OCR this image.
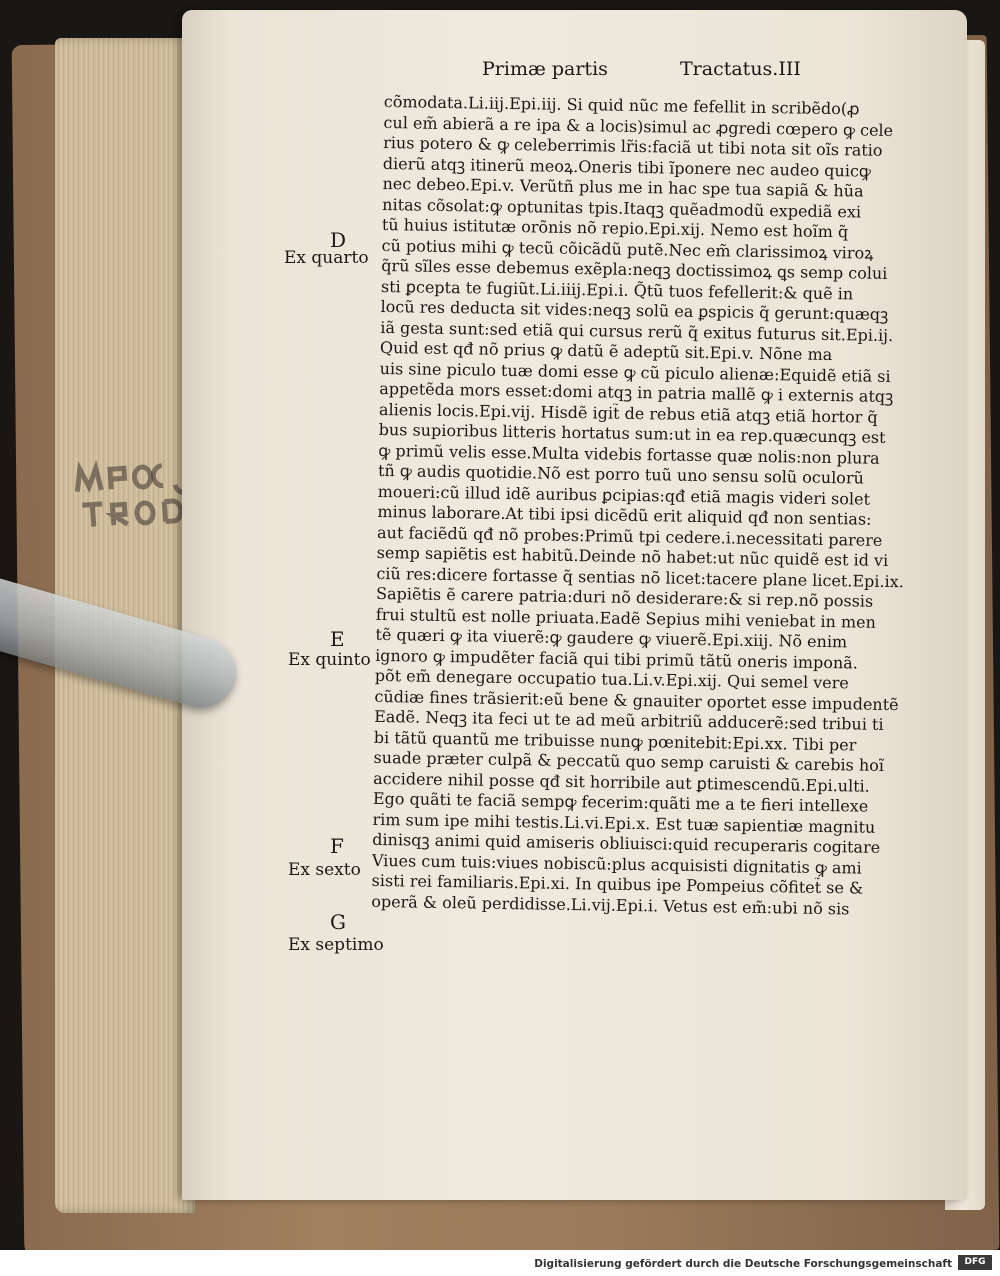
Primæ partis	Tractatus.III
D
Ex quarto
E
Ex quinto
F
Ex sexto
G
Ex septimo
cõmodata.Li.iij.Epi.iij. Si quid nũc me fefellit in scribẽdo(ꝓ
cul em̃ abierã a re ipa & a locis)simul ac ꝓgredi cœpero ꝙ cele
rius potero & ꝙ celeberrimis lr̃is:faciã ut tibi nota sit oĩs ratio
dierũ atqꝫ itinerũ meoꝝ.Oneris tibi ĩponere nec audeo quicꝙ
nec debeo.Epi.v. Verũtñ plus me in hac spe tua sapiã & hũa
nitas cõsolat:ꝙ optunitas tpis.Itaqꝫ quẽadmodũ expediã exi
tũ huius istitutæ orõnis nõ repio.Epi.xij. Nemo est hoĩm q̃
cũ potius mihi ꝙ tecũ cõicãdũ putẽ.Nec em̃ clarissimoꝝ viroꝝ
q̃rũ sĩles esse debemus exẽpla:neqꝫ doctissimoꝝ ꝗs semp colui
sti ꝑcepta te fugiũt.Li.iiij.Epi.i. Q̃tũ tuos fefellerit:& quẽ in
locũ res deducta sit vides:neqꝫ solũ ea ꝑspicis q̃ gerunt:quæqꝫ
iã gesta sunt:sed etiã qui cursus rerũ q̃ exitus futurus sit.Epi.ij.
Quid est qđ nõ prius ꝙ datũ ẽ adeptũ sit.Epi.v. Nõne ma
uis sine piculo tuæ domi esse ꝙ cũ piculo alienæ:Equidẽ etiã si
appetẽda mors esset:domi atqꝫ in patria mallẽ ꝙ i externis atqꝫ
alienis locis.Epi.vij. Hisdẽ igit̃ de rebus etiã atqꝫ etiã hortor q̃
bus supioribus litteris hortatus sum:ut in ea rep.quæcunqꝫ est
ꝙ primũ velis esse.Multa videbis fortasse quæ nolis:non plura
tñ ꝙ audis quotidie.Nõ est porro tuũ uno sensu solũ oculorũ
moueri:cũ illud idẽ auribus ꝑcipias:qđ etiã magis videri solet
minus laborare.At tibi ipsi dicẽdũ erit aliquid qđ non sentias:
aut faciẽdũ qđ nõ probes:Primũ tpi cedere.i.necessitati parere
semp sapiẽtis est habitũ.Deinde nõ habet:ut nũc quidẽ est id vi
ciũ res:dicere fortasse q̃ sentias nõ licet:tacere plane licet.Epi.ix.
Sapiẽtis ẽ carere patria:duri nõ desiderare:& si rep.nõ possis
frui stultũ est nolle priuata.Eadẽ Sepius mihi veniebat in men
tẽ quæri ꝙ ita viuerẽ:ꝙ gaudere ꝙ viuerẽ.Epi.xiij. Nõ enim
ignoro ꝙ impudẽter faciã qui tibi primũ tãtũ oneris imponã.
põt em̃ denegare occupatio tua.Li.v.Epi.xij. Qui semel vere
cũdiæ fines trãsierit:eũ bene & gnauiter oportet esse impudentẽ
Eadẽ. Neqꝫ ita feci ut te ad meũ arbitriũ adducerẽ:sed tribui ti
bi tãtũ quantũ me tribuisse nunꝙ pœnitebit:Epi.xx. Tibi per
suade præter culpã & peccatũ quo semp caruisti & carebis hoĩ
accidere nihil posse qđ sit horribile aut ꝑtimescendũ.Epi.ulti.
Ego quãti te faciã sempꝙ fecerim:quãti me a te fieri intellexe
rim sum ipe mihi testis.Li.vi.Epi.x. Est tuæ sapientiæ magnitu
dinisqꝫ animi quid amiseris obliuisci:quid recuperaris cogitare
Viues cum tuis:viues nobiscũ:plus acquisisti dignitatis ꝙ ami
sisti rei familiaris.Epi.xi. In quibus ipe Pompeius cõfitet̃ se &
operã & oleũ perdidisse.Li.vij.Epi.i. Vetus est em̃:ubi nõ sis
Digitalisierung gefördert durch die Deutsche Forschungsgemeinschaft	DFG
